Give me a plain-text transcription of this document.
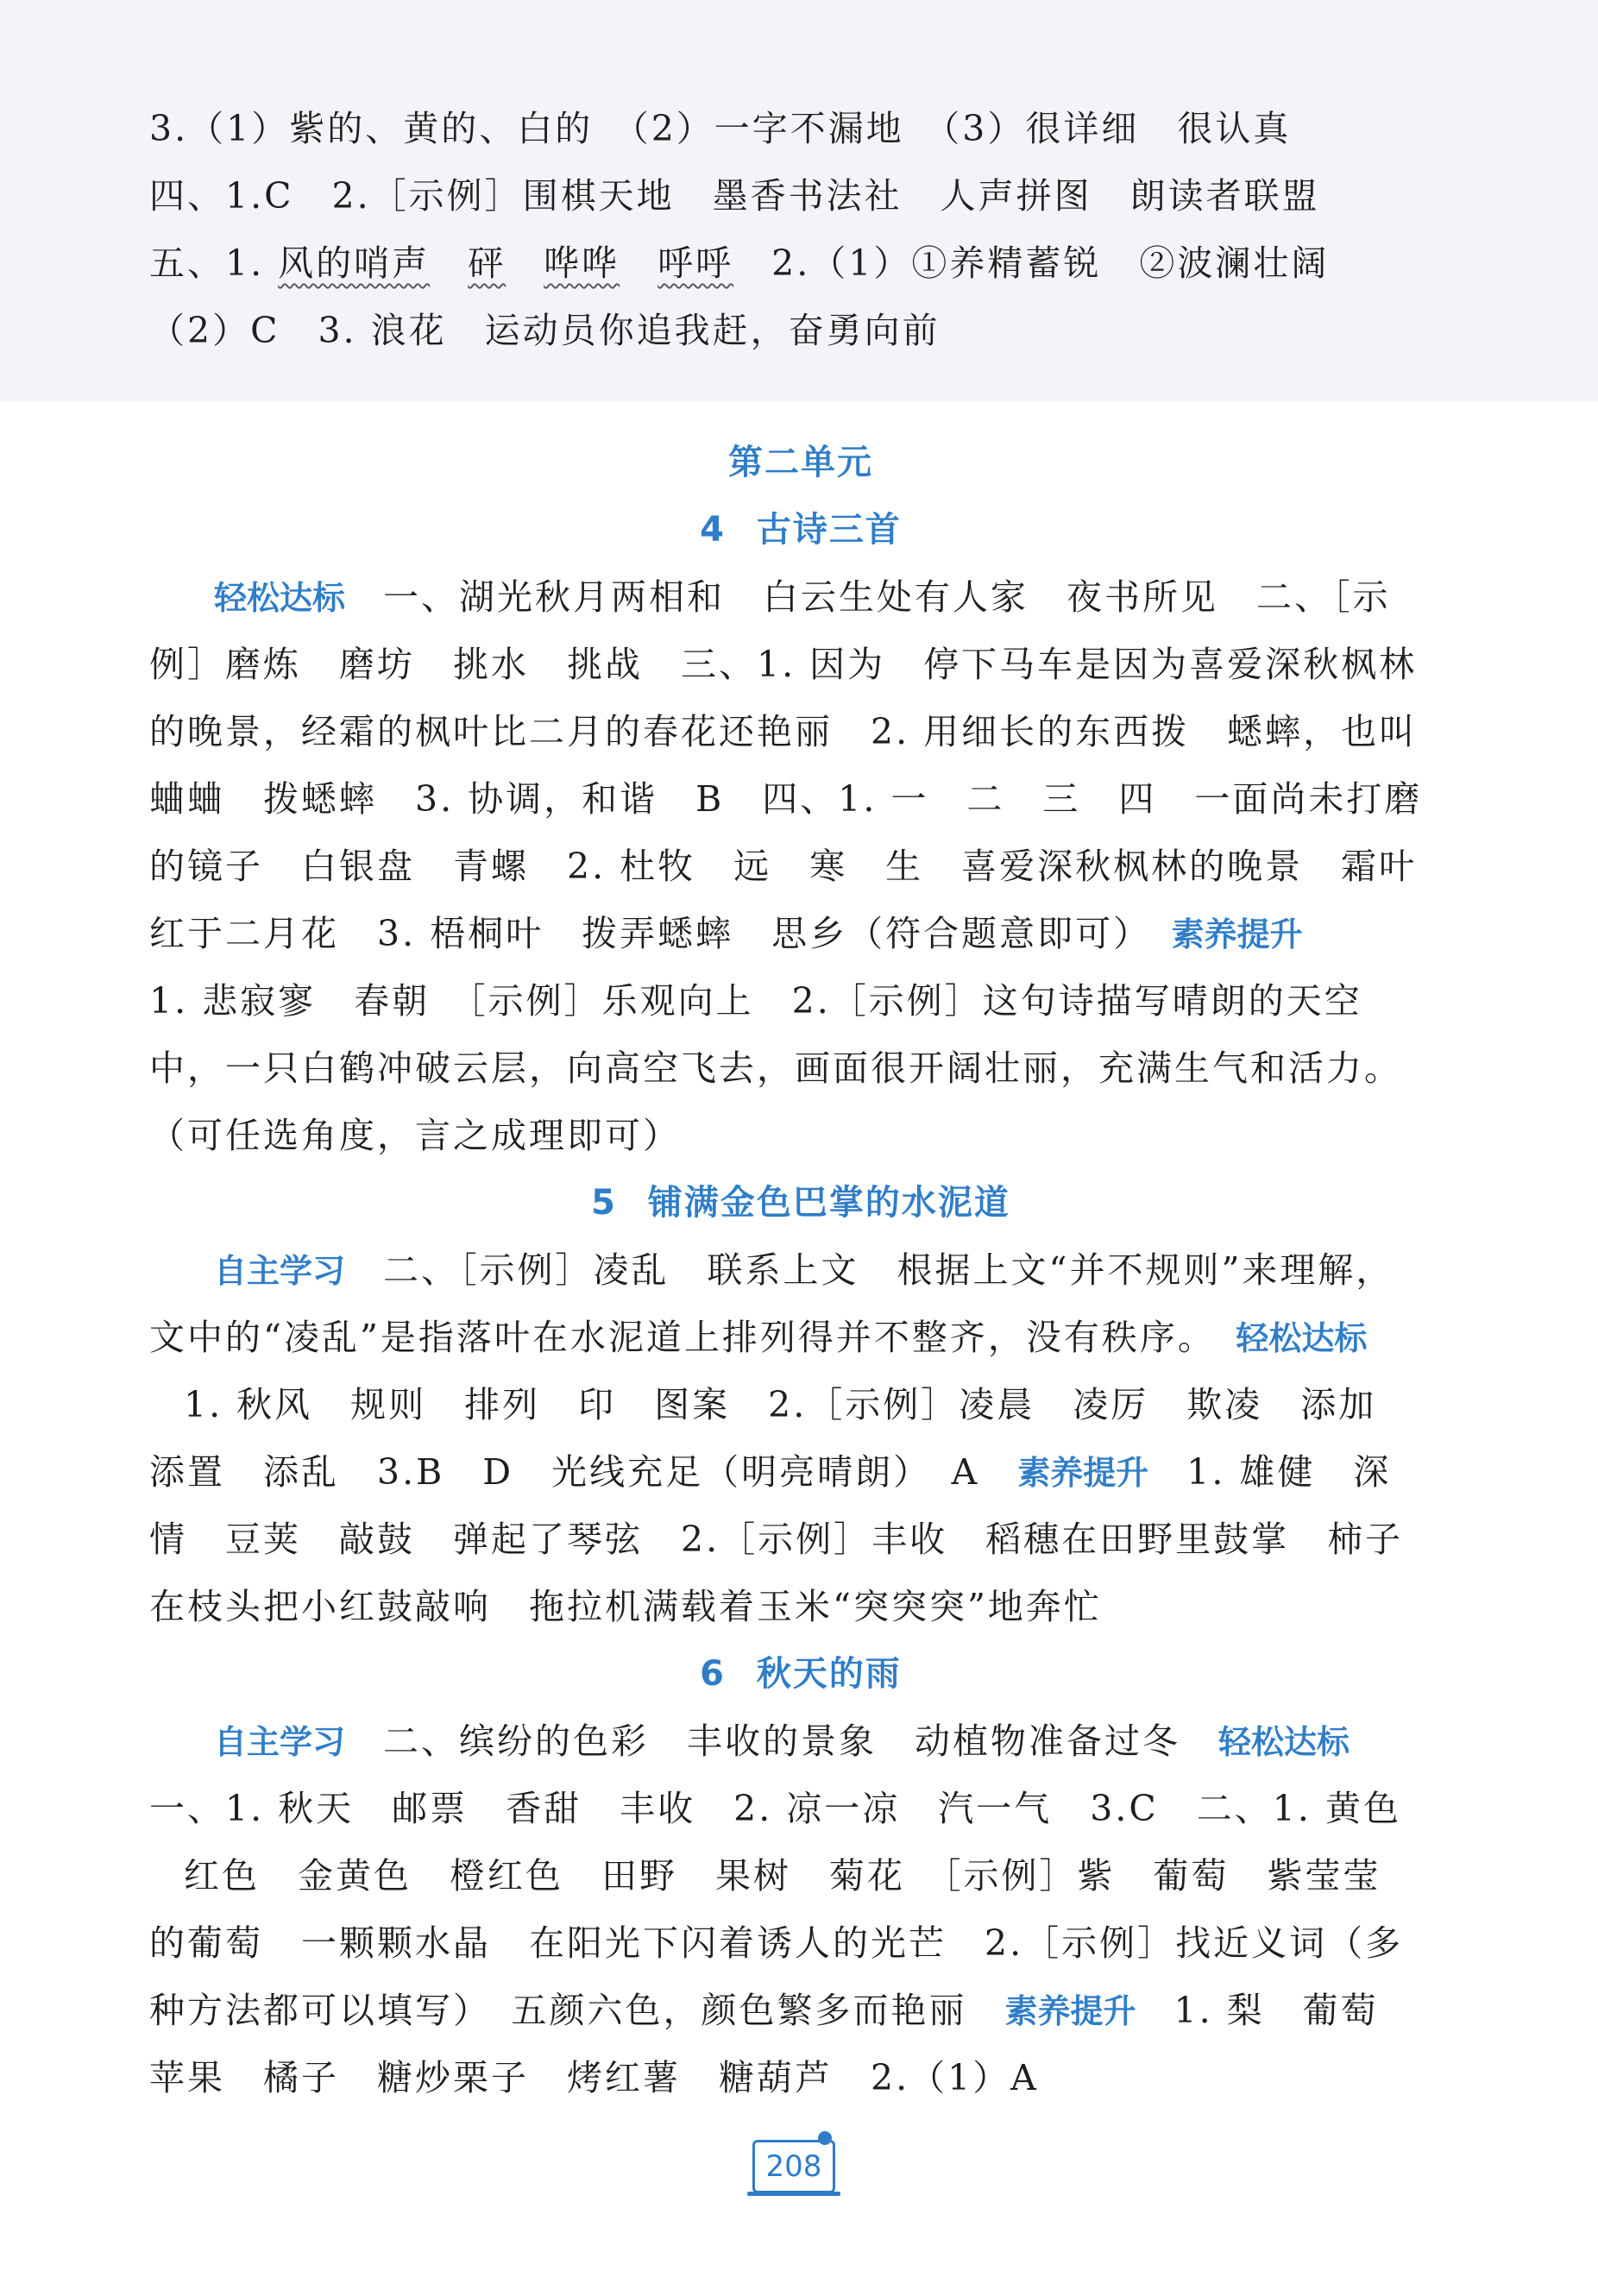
3.（1）紫的、黄的、白的　（2）一字不漏地　（3）很详细　很认真
四、1.C　2.［示例］围棋天地　墨香书法社　人声拼图　朗读者联盟
五、1. 风的哨声　 砰　 哗哗　 呼呼　2.（1）①养精蓄锐　②波澜壮阔
（2）C　3. 浪花　运动员你追我赶，奋勇向前
第二单元
4 古诗三首
轻松达标　一、湖光秋月两相和　白云生处有人家　夜书所见　二、［示
例］磨炼　磨坊　挑水　挑战　三、1. 因为　停下马车是因为喜爱深秋枫林
的晚景，经霜的枫叶比二月的春花还艳丽　2. 用细长的东西拨　蟋蟀，也叫
蛐蛐　拨蟋蟀　3. 协调，和谐　B　四、1. 一　二　三　四　一面尚未打磨
的镜子　白银盘　青螺　2. 杜牧　远　寒　生　喜爱深秋枫林的晚景　霜叶
红于二月花　3. 梧桐叶　拨弄蟋蟀　思乡（符合题意即可）　素养提升
1. 悲寂寥　春朝　［示例］乐观向上　2.［示例］这句诗描写晴朗的天空
中，一只白鹤冲破云层，向高空飞去，画面很开阔壮丽，充满生气和活力。
（可任选角度，言之成理即可）
5 铺满金色巴掌的水泥道
自主学习　二、［示例］凌乱　联系上文　根据上文“并不规则”来理解，
文中的“凌乱”是指落叶在水泥道上排列得并不整齐，没有秩序。　轻松达标
1. 秋风　规则　排列　印　图案　2.［示例］凌晨　凌厉　欺凌　添加
添置　添乱　3.B　D　光线充足（明亮晴朗）　A　素养提升　1. 雄健　深
情　豆荚　敲鼓　弹起了琴弦　2.［示例］丰收　稻穗在田野里鼓掌　柿子
在枝头把小红鼓敲响　拖拉机满载着玉米“突突突”地奔忙
6 秋天的雨
自主学习　二、缤纷的色彩　丰收的景象　动植物准备过冬　轻松达标
一、1. 秋天　邮票　香甜　丰收　2. 凉一凉　汽一气　3.C　二、1. 黄色
红色　金黄色　橙红色　田野　果树　菊花　［示例］紫　葡萄　紫莹莹
的葡萄　一颗颗水晶　在阳光下闪着诱人的光芒　2.［示例］找近义词（多
种方法都可以填写）　五颜六色，颜色繁多而艳丽　素养提升　1. 梨　葡萄
苹果　橘子　糖炒栗子　烤红薯　糖葫芦　2.（1）A
208
